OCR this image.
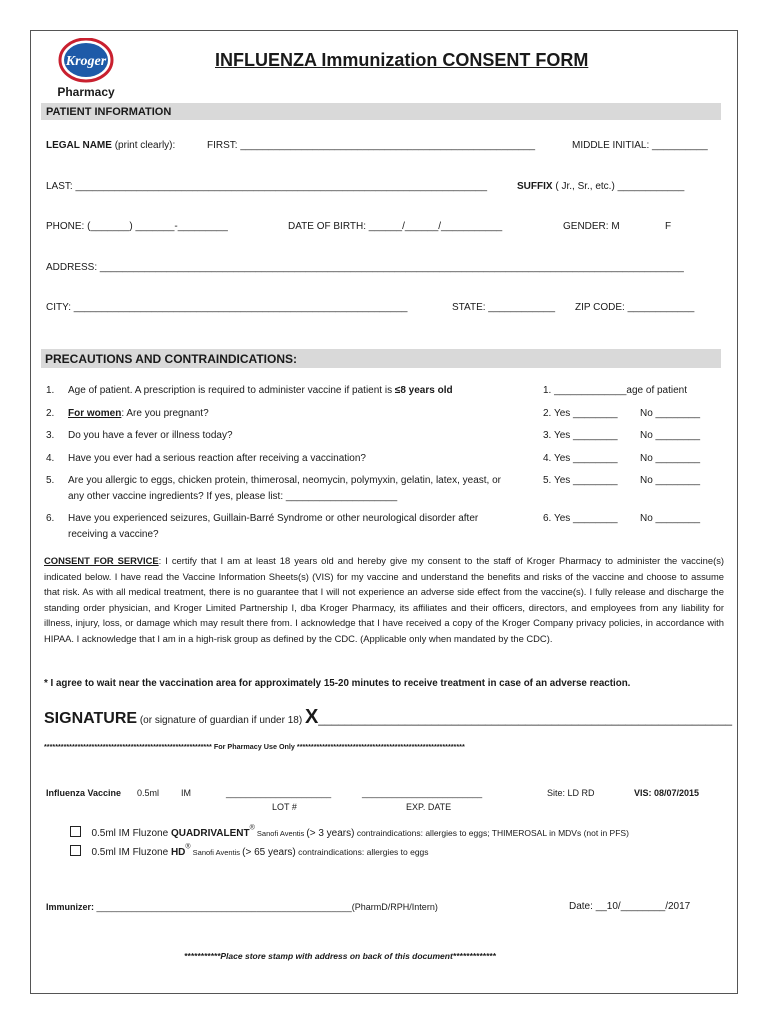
Kroger
Pharmacy
INFLUENZA Immunization CONSENT FORM
PATIENT INFORMATION
LEGAL NAME (print clearly):	FIRST: _____________________________________________________	MIDDLE INITIAL: __________
LAST: __________________________________________________________________________	SUFFIX ( Jr., Sr., etc.) ____________
PHONE: (_______) _______-_________	DATE OF BIRTH: ______/______/___________	GENDER: M	F
ADDRESS: _________________________________________________________________________________________________________
CITY: ____________________________________________________________	STATE: ____________ ZIP CODE: ____________
PRECAUTIONS AND CONTRAINDICATIONS:
1. Age of patient. A prescription is required to administer vaccine if patient is ≤8 years old	1. _____________age of patient
2. For women: Are you pregnant?	2. Yes ________ No ________
3. Do you have a fever or illness today?	3. Yes ________ No ________
4. Have you ever had a serious reaction after receiving a vaccination?	4. Yes ________ No ________
5. Are you allergic to eggs, chicken protein, thimerosal, neomycin, polymyxin, gelatin, latex, yeast, or any other vaccine ingredients? If yes, please list: ____________________
5. Yes ________ No ________
6. Have you experienced seizures, Guillain-Barré Syndrome or other neurological disorder after receiving a vaccine?
6. Yes ________ No ________
CONSENT FOR SERVICE: I certify that I am at least 18 years old and hereby give my consent to the staff of Kroger Pharmacy to administer the vaccine(s) indicated below. I have read the Vaccine Information Sheets(s) (VIS) for my vaccine and understand the benefits and risks of the vaccine and choose to assume that risk. As with all medical treatment, there is no guarantee that I will not experience an adverse side effect from the vaccine(s). I fully release and discharge the standing order physician, and Kroger Limited Partnership I, dba Kroger Pharmacy, its affiliates and their officers, directors, and employees from any liability for illness, injury, loss, or damage which may result there from. I acknowledge that I have received a copy of the Kroger Company privacy policies, in accordance with HIPAA. I acknowledge that I am in a high-risk group as defined by the CDC. (Applicable only when mandated by the CDC).
* I agree to wait near the vaccination area for approximately 15-20 minutes to receive treatment in case of an adverse reaction.
SIGNATURE (or signature of guardian if under 18) X______________________________________________________________
************************************************************ For Pharmacy Use Only ************************************************************
Influenza Vaccine 0.5ml IM	_____________________
LOT #
________________________
EXP. DATE
Site: LD RD	VIS: 08/07/2015
0.5ml IM Fluzone QUADRIVALENT® Sanofi Aventis (> 3 years) contraindications: allergies to eggs; THIMEROSAL in MDVs (not in PFS)
0.5ml IM Fluzone HD® Sanofi Aventis (> 65 years) contraindications: allergies to eggs
Immunizer: ___________________________________________________(PharmD/RPH/Intern)	Date: __10/________/2017
***********Place store stamp with address on back of this document*************
